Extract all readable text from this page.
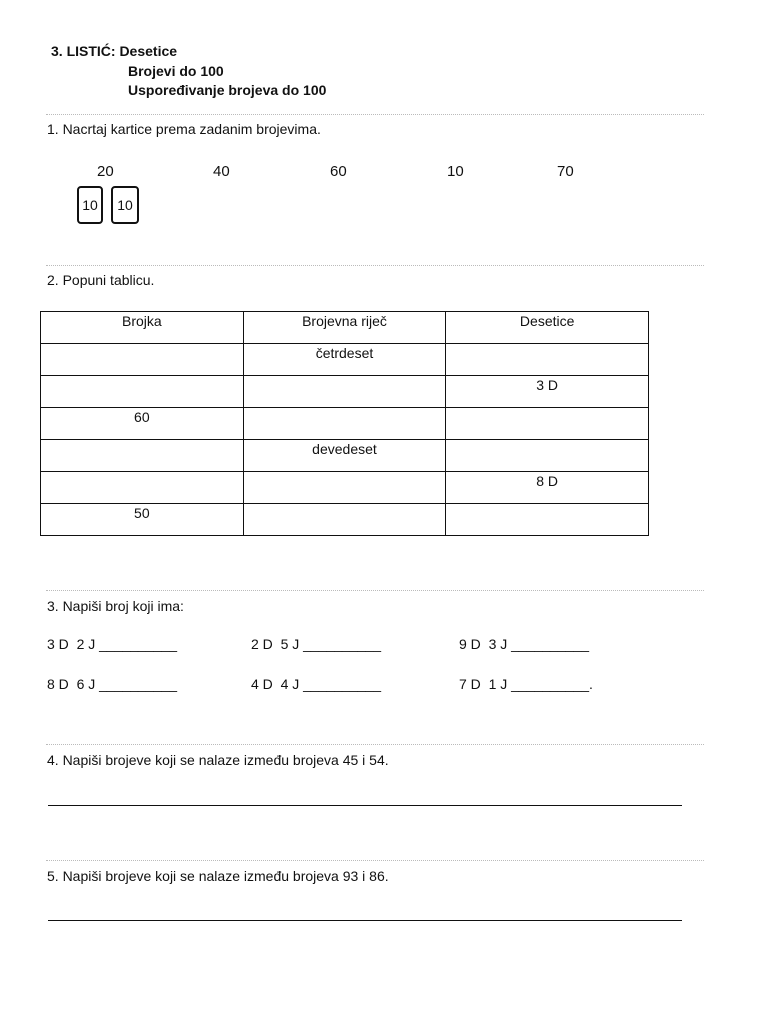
3. LISTIĆ: Desetice
Brojevi do 100
Uspoređivanje brojeva do 100
1. Nacrtaj kartice prema zadanim brojevima.
20	40	60	10	70
10	10
2. Popuni tablicu.
Brojka	Brojevna riječ	Desetice
	četrdeset	
		3 D
60		
	devedeset	
		8 D
50		
3. Napiši broj koji ima:
3 D  2 J __________	2 D  5 J __________	9 D  3 J __________
8 D  6 J __________	4 D  4 J __________	7 D  1 J __________.
4. Napiši brojeve koji se nalaze između brojeva 45 i 54.
5. Napiši brojeve koji se nalaze između brojeva 93 i 86.
